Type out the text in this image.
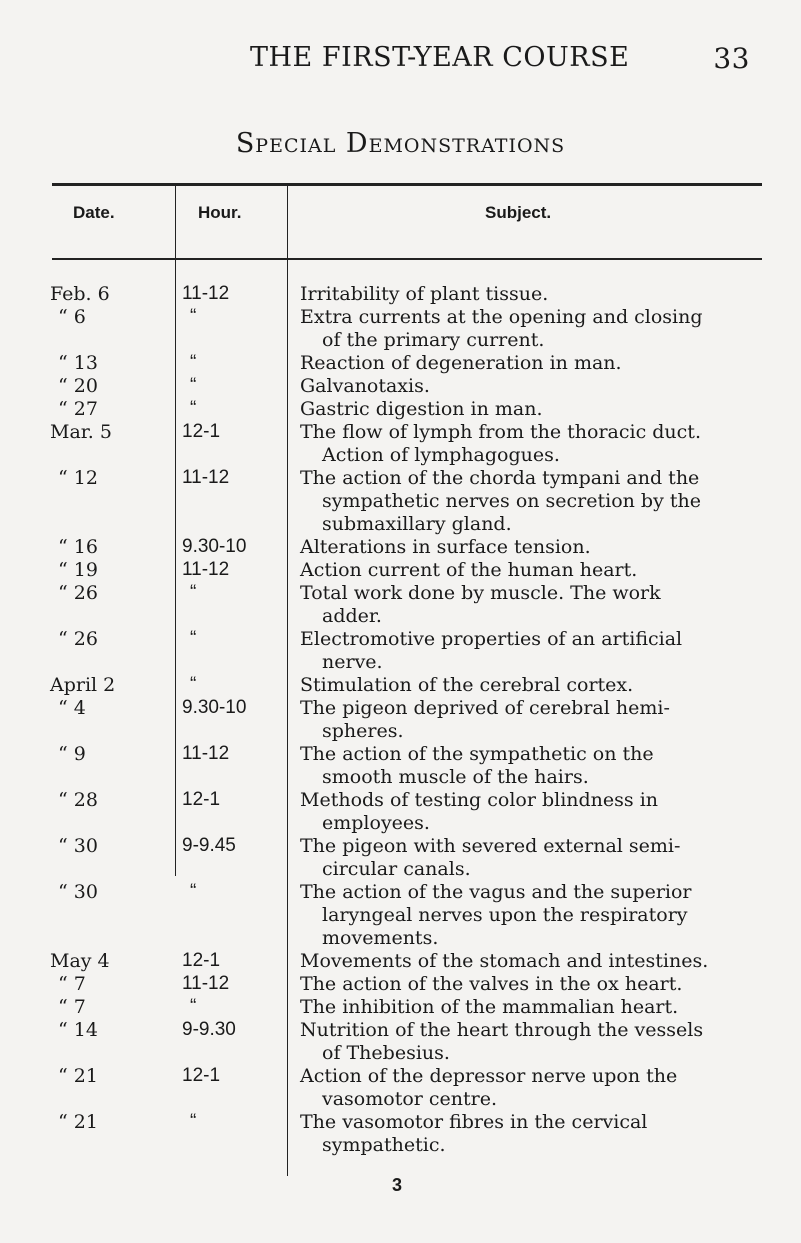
THE FIRST-YEAR COURSE	33
Special Demonstrations
Date.	Hour.	Subject.
Feb. 6	11-12	Irritability of plant tissue.
“ 6	“	Extra currents at the opening and closing
of the primary current.
“ 13	“	Reaction of degeneration in man.
“ 20	“	Galvanotaxis.
“ 27	“	Gastric digestion in man.
Mar. 5	12-1	The flow of lymph from the thoracic duct.
Action of lymphagogues.
“ 12	11-12	The action of the chorda tympani and the
sympathetic nerves on secretion by the
submaxillary gland.
“ 16	9.30-10	Alterations in surface tension.
“ 19	11-12	Action current of the human heart.
“ 26	“	Total work done by muscle. The work
adder.
“ 26	“	Electromotive properties of an artificial
nerve.
April 2	“	Stimulation of the cerebral cortex.
“ 4	9.30-10	The pigeon deprived of cerebral hemi-
spheres.
“ 9	11-12	The action of the sympathetic on the
smooth muscle of the hairs.
“ 28	12-1	Methods of testing color blindness in
employees.
“ 30	9-9.45	The pigeon with severed external semi-
circular canals.
“ 30	“	The action of the vagus and the superior
laryngeal nerves upon the respiratory
movements.
May 4	12-1	Movements of the stomach and intestines.
“ 7	11-12	The action of the valves in the ox heart.
“ 7	“	The inhibition of the mammalian heart.
“ 14	9-9.30	Nutrition of the heart through the vessels
of Thebesius.
“ 21	12-1	Action of the depressor nerve upon the
vasomotor centre.
“ 21	“	The vasomotor fibres in the cervical
sympathetic.
3
